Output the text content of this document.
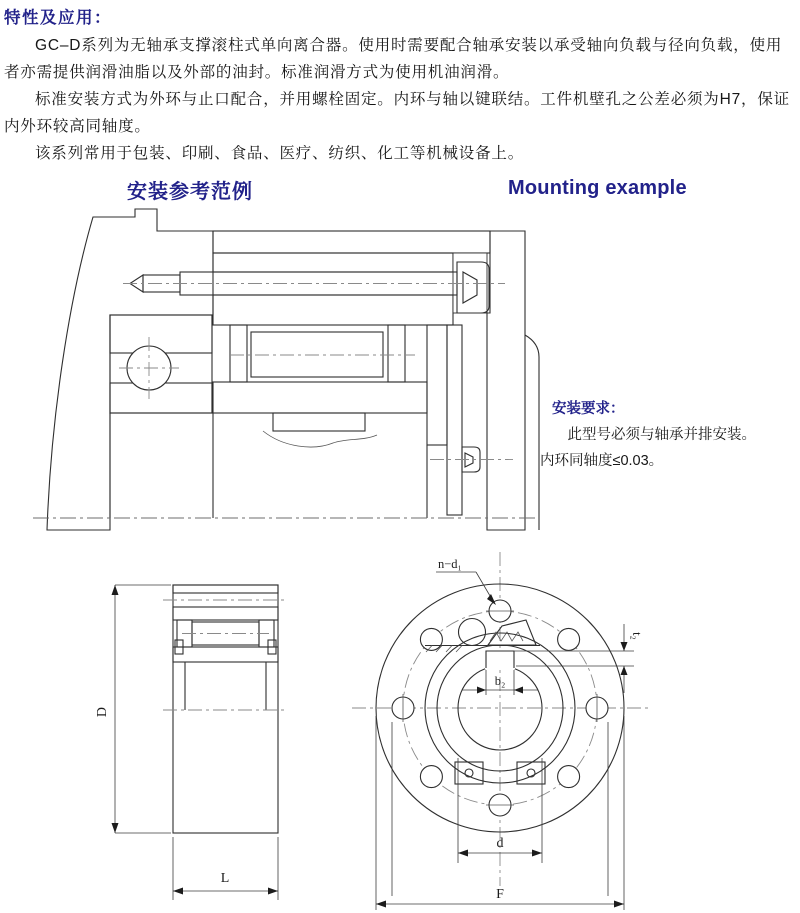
特性及应用：

GC–D系列为无轴承支撑滚柱式单向离合器。使用时需要配合轴承安装以承受轴向负载与径向负载，使用者亦需提供润滑油脂以及外部的油封。标准润滑方式为使用机油润滑。

标准安装方式为外环与止口配合，并用螺栓固定。内环与轴以键联结。工件机壁孔之公差必须为H7，保证内外环较高同轴度。

该系列常用于包装、印刷、食品、医疗、纺织、化工等机械设备上。

安装参考范例	Mounting example
安装要求：
此型号必须与轴承并排安装。
内环同轴度≤0.03。
D
L
n−d₁
b₂
t₂
d
F
